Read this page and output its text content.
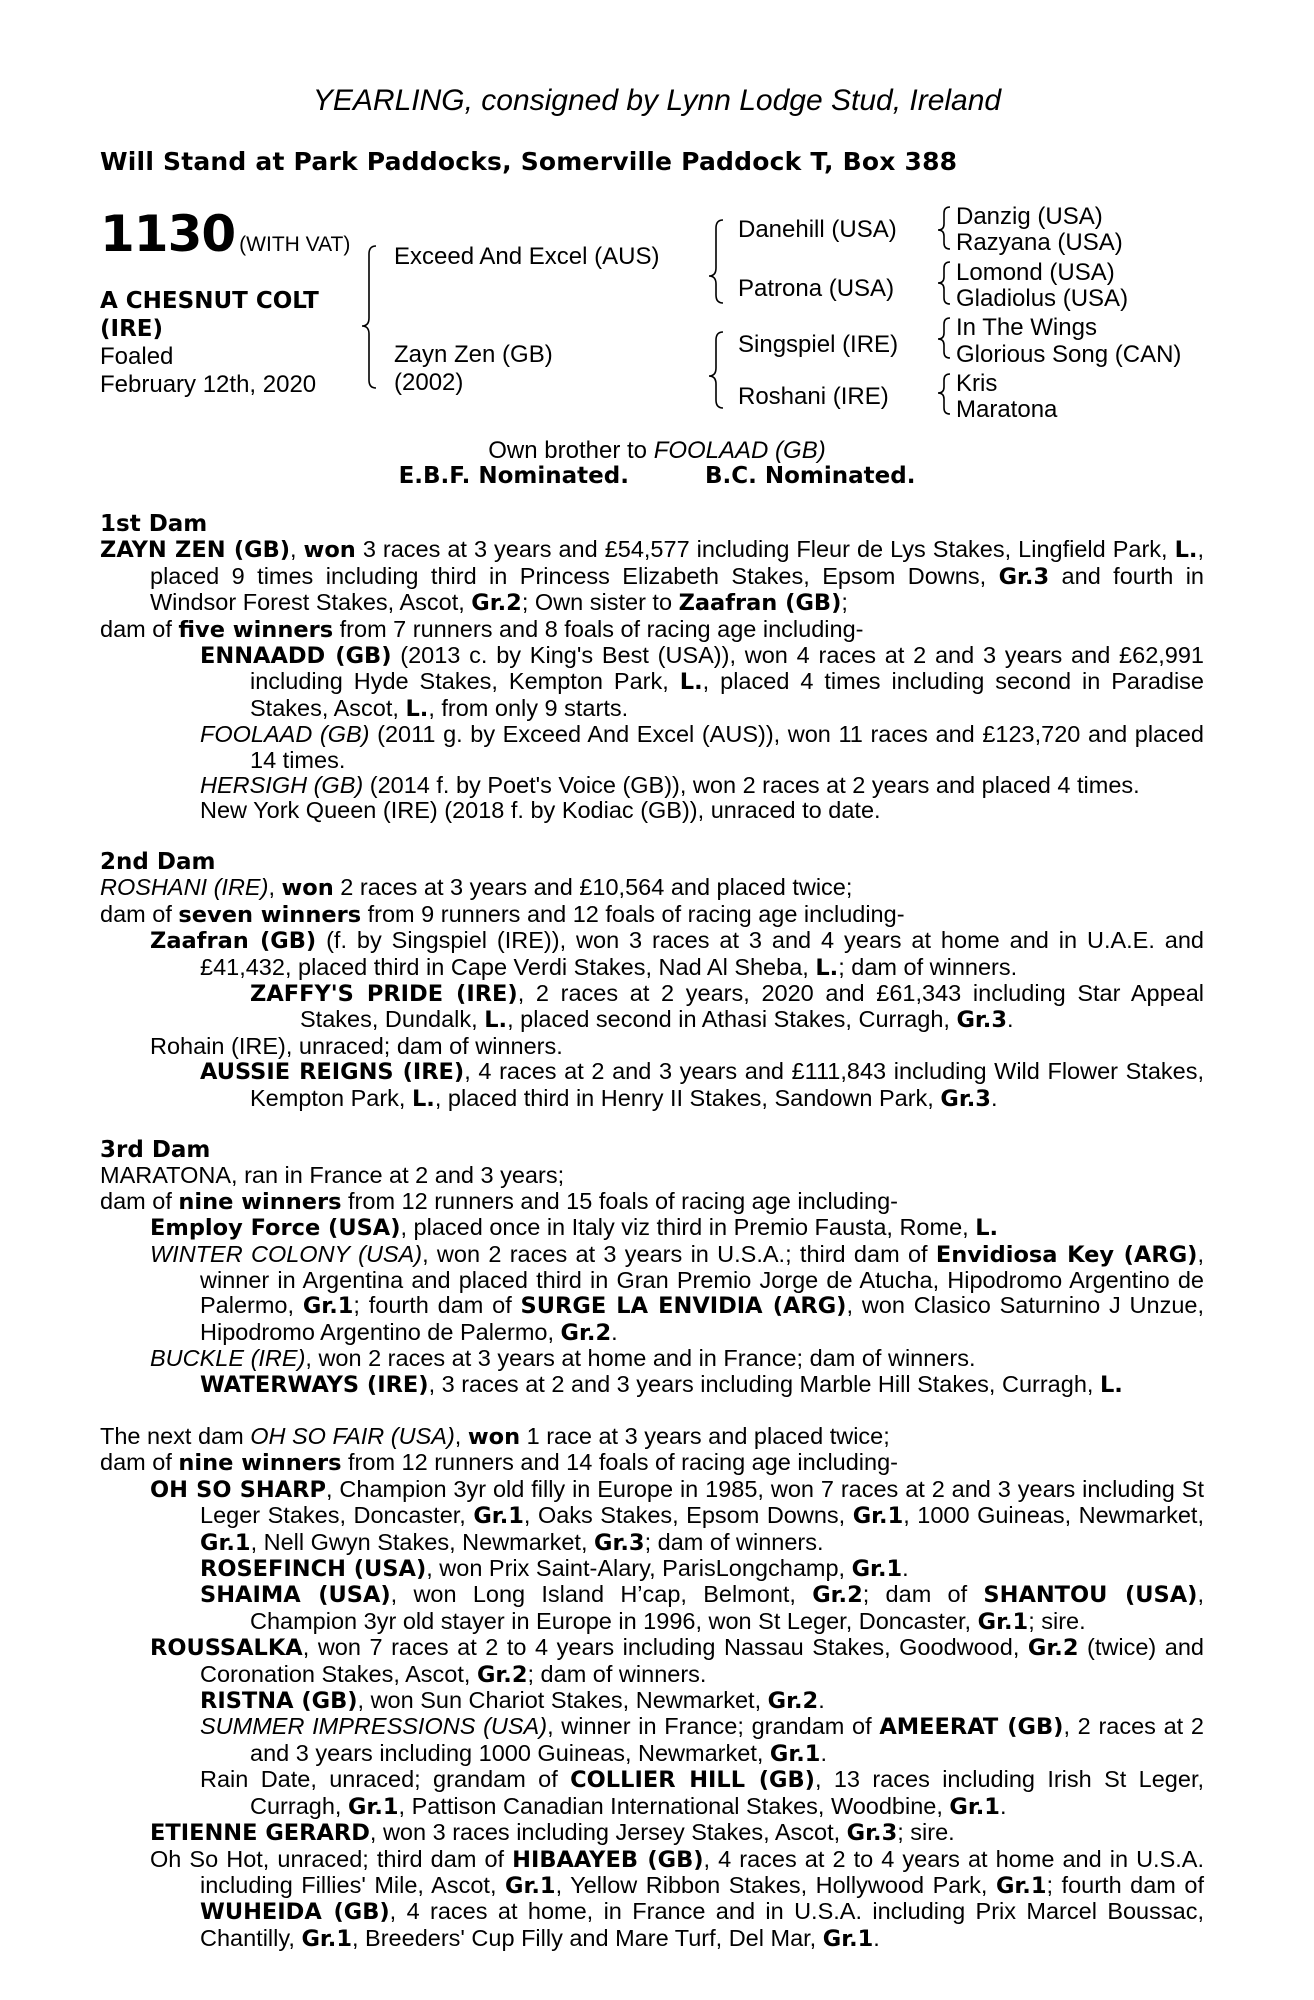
YEARLING, consigned by Lynn Lodge Stud, Ireland
Will Stand at Park Paddocks, Somerville Paddock T, Box 388
1130 (WITH VAT)
A CHESNUT COLT
(IRE)
Foaled
February 12th, 2020
Exceed And Excel (AUS)
Zayn Zen (GB)
(2002)
Danehill (USA)
Patrona (USA)
Singspiel (IRE)
Roshani (IRE)
Danzig (USA)
Razyana (USA)
Lomond (USA)
Gladiolus (USA)
In The Wings
Glorious Song (CAN)
Kris
Maratona
Own brother to FOOLAAD (GB)
E.B.F. Nominated.	B.C. Nominated.
1st Dam
ZAYN ZEN (GB), won 3 races at 3 years and £54,577 including Fleur de Lys Stakes, Lingfield Park, L., placed 9 times including third in Princess Elizabeth Stakes, Epsom Downs, Gr.3 and fourth in Windsor Forest Stakes, Ascot, Gr.2; Own sister to Zaafran (GB);
dam of five winners from 7 runners and 8 foals of racing age including-
ENNAADD (GB) (2013 c. by King's Best (USA)), won 4 races at 2 and 3 years and £62,991 including Hyde Stakes, Kempton Park, L., placed 4 times including second in Paradise Stakes, Ascot, L., from only 9 starts.
FOOLAAD (GB) (2011 g. by Exceed And Excel (AUS)), won 11 races and £123,720 and placed 14 times.
HERSIGH (GB) (2014 f. by Poet's Voice (GB)), won 2 races at 2 years and placed 4 times.
New York Queen (IRE) (2018 f. by Kodiac (GB)), unraced to date.
2nd Dam
ROSHANI (IRE), won 2 races at 3 years and £10,564 and placed twice;
dam of seven winners from 9 runners and 12 foals of racing age including-
Zaafran (GB) (f. by Singspiel (IRE)), won 3 races at 3 and 4 years at home and in U.A.E. and £41,432, placed third in Cape Verdi Stakes, Nad Al Sheba, L.; dam of winners.
ZAFFY'S PRIDE (IRE), 2 races at 2 years, 2020 and £61,343 including Star Appeal Stakes, Dundalk, L., placed second in Athasi Stakes, Curragh, Gr.3.
Rohain (IRE), unraced; dam of winners.
AUSSIE REIGNS (IRE), 4 races at 2 and 3 years and £111,843 including Wild Flower Stakes, Kempton Park, L., placed third in Henry II Stakes, Sandown Park, Gr.3.
3rd Dam
MARATONA, ran in France at 2 and 3 years;
dam of nine winners from 12 runners and 15 foals of racing age including-
Employ Force (USA), placed once in Italy viz third in Premio Fausta, Rome, L.
WINTER COLONY (USA), won 2 races at 3 years in U.S.A.; third dam of Envidiosa Key (ARG), winner in Argentina and placed third in Gran Premio Jorge de Atucha, Hipodromo Argentino de Palermo, Gr.1; fourth dam of SURGE LA ENVIDIA (ARG), won Clasico Saturnino J Unzue, Hipodromo Argentino de Palermo, Gr.2.
BUCKLE (IRE), won 2 races at 3 years at home and in France; dam of winners.
WATERWAYS (IRE), 3 races at 2 and 3 years including Marble Hill Stakes, Curragh, L.
The next dam OH SO FAIR (USA), won 1 race at 3 years and placed twice;
dam of nine winners from 12 runners and 14 foals of racing age including-
OH SO SHARP, Champion 3yr old filly in Europe in 1985, won 7 races at 2 and 3 years including St Leger Stakes, Doncaster, Gr.1, Oaks Stakes, Epsom Downs, Gr.1, 1000 Guineas, Newmarket, Gr.1, Nell Gwyn Stakes, Newmarket, Gr.3; dam of winners.
ROSEFINCH (USA), won Prix Saint-Alary, ParisLongchamp, Gr.1.
SHAIMA (USA), won Long Island H’cap, Belmont, Gr.2; dam of SHANTOU (USA), Champion 3yr old stayer in Europe in 1996, won St Leger, Doncaster, Gr.1; sire.
ROUSSALKA, won 7 races at 2 to 4 years including Nassau Stakes, Goodwood, Gr.2 (twice) and Coronation Stakes, Ascot, Gr.2; dam of winners.
RISTNA (GB), won Sun Chariot Stakes, Newmarket, Gr.2.
SUMMER IMPRESSIONS (USA), winner in France; grandam of AMEERAT (GB), 2 races at 2 and 3 years including 1000 Guineas, Newmarket, Gr.1.
Rain Date, unraced; grandam of COLLIER HILL (GB), 13 races including Irish St Leger, Curragh, Gr.1, Pattison Canadian International Stakes, Woodbine, Gr.1.
ETIENNE GERARD, won 3 races including Jersey Stakes, Ascot, Gr.3; sire.
Oh So Hot, unraced; third dam of HIBAAYEB (GB), 4 races at 2 to 4 years at home and in U.S.A. including Fillies' Mile, Ascot, Gr.1, Yellow Ribbon Stakes, Hollywood Park, Gr.1; fourth dam of WUHEIDA (GB), 4 races at home, in France and in U.S.A. including Prix Marcel Boussac, Chantilly, Gr.1, Breeders' Cup Filly and Mare Turf, Del Mar, Gr.1.
